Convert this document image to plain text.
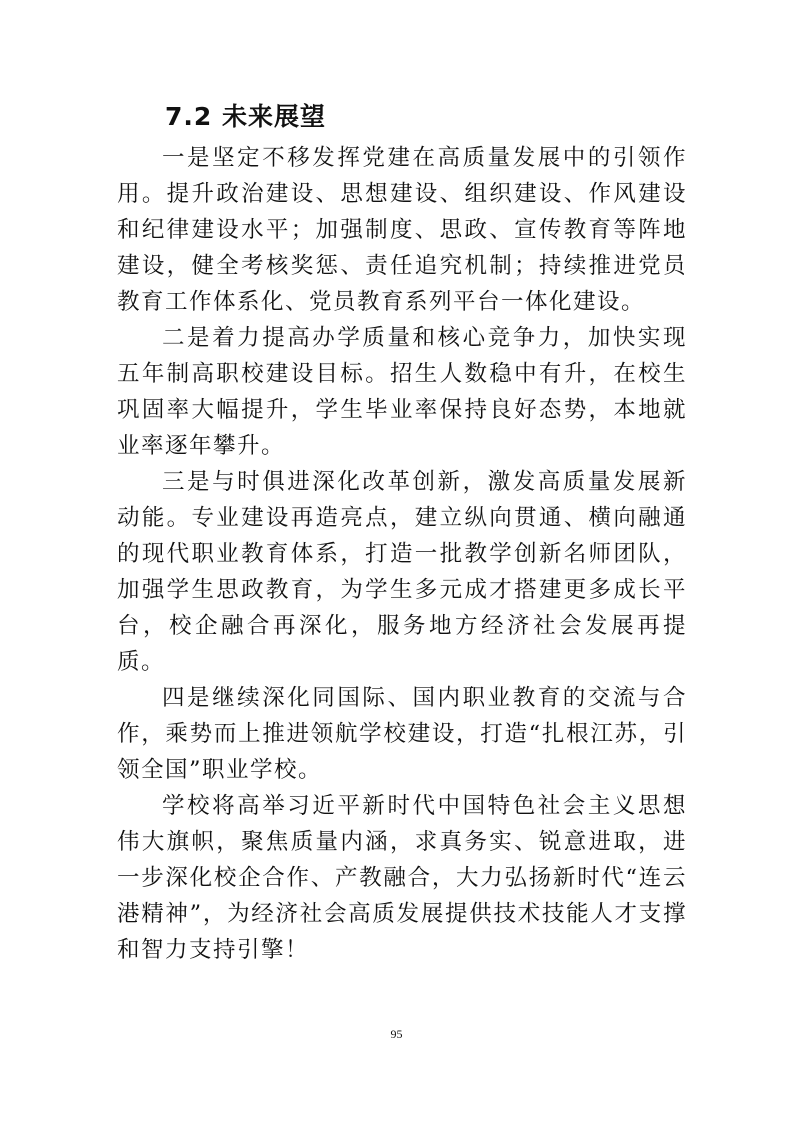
7.2 未来展望

一是坚定不移发挥党建在高质量发展中的引领作用。提升政治建设、思想建设、组织建设、作风建设和纪律建设水平；加强制度、思政、宣传教育等阵地建设，健全考核奖惩、责任追究机制；持续推进党员教育工作体系化、党员教育系列平台一体化建设。

二是着力提高办学质量和核心竞争力，加快实现五年制高职校建设目标。招生人数稳中有升，在校生巩固率大幅提升，学生毕业率保持良好态势，本地就业率逐年攀升。

三是与时俱进深化改革创新，激发高质量发展新动能。专业建设再造亮点，建立纵向贯通、横向融通的现代职业教育体系，打造一批教学创新名师团队，加强学生思政教育，为学生多元成才搭建更多成长平台，校企融合再深化，服务地方经济社会发展再提质。

四是继续深化同国际、国内职业教育的交流与合作，乘势而上推进领航学校建设，打造“扎根江苏，引领全国”职业学校。

学校将高举习近平新时代中国特色社会主义思想伟大旗帜，聚焦质量内涵，求真务实、锐意进取，进一步深化校企合作、产教融合，大力弘扬新时代“连云港精神”，为经济社会高质发展提供技术技能人才支撑和智力支持引擎！

95
